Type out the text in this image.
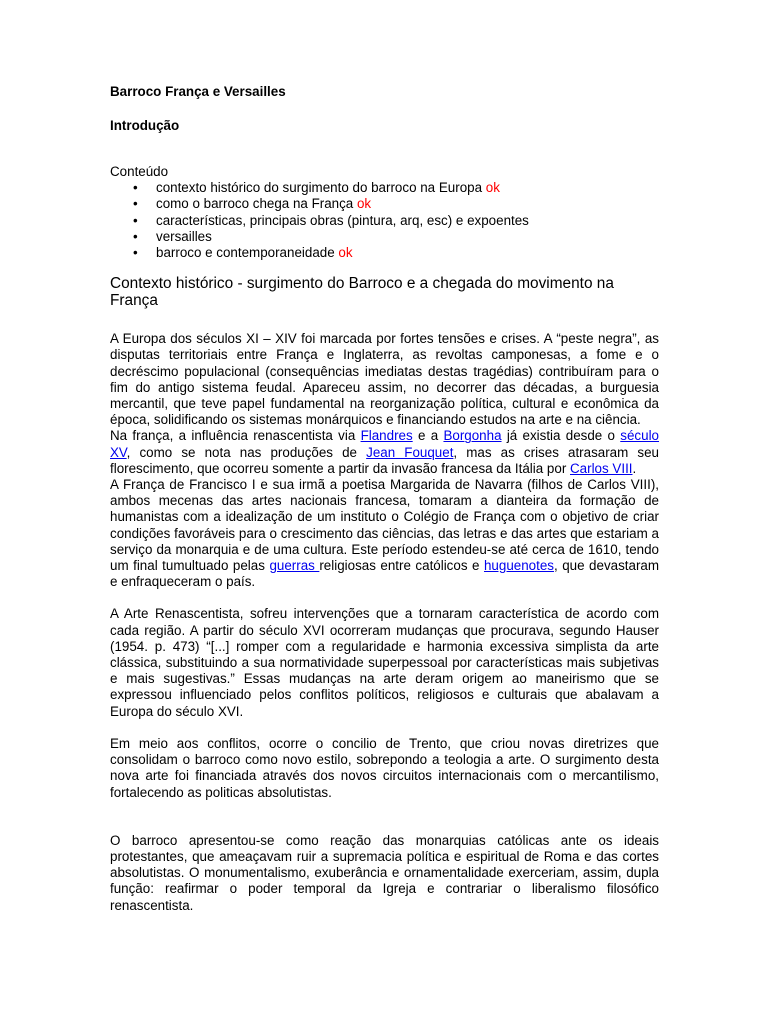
Barroco França e Versailles
Introdução
Conteúdo
• contexto histórico do surgimento do barroco na Europa ok
• como o barroco chega na França ok
• características, principais obras (pintura, arq, esc) e expoentes
• versailles
• barroco e contemporaneidade ok
Contexto histórico - surgimento do Barroco e a chegada do movimento na França

A Europa dos séculos XI – XIV foi marcada por fortes tensões e crises. A “peste negra”, as disputas territoriais entre França e Inglaterra, as revoltas camponesas, a fome e o decréscimo populacional (consequências imediatas destas tragédias) contribuíram para o fim do antigo sistema feudal. Apareceu assim, no decorrer das décadas, a burguesia mercantil, que teve papel fundamental na reorganização política, cultural e econômica da época, solidificando os sistemas monárquicos e financiando estudos na arte e na ciência.

Na frança, a influência renascentista via Flandres e a Borgonha já existia desde o século XV, como se nota nas produções de Jean Fouquet, mas as crises atrasaram seu florescimento, que ocorreu somente a partir da invasão francesa da Itália por Carlos VIII.

A França de Francisco I e sua irmã a poetisa Margarida de Navarra (filhos de Carlos VIII), ambos mecenas das artes nacionais francesa, tomaram a dianteira da formação de humanistas com a idealização de um instituto o Colégio de França com o objetivo de criar condições favoráveis para o crescimento das ciências, das letras e das artes que estariam a serviço da monarquia e de uma cultura. Este período estendeu-se até cerca de 1610, tendo um final tumultuado pelas guerras religiosas entre católicos e huguenotes, que devastaram e enfraqueceram o país.

A Arte Renascentista, sofreu intervenções que a tornaram característica de acordo com cada região. A partir do século XVI ocorreram mudanças que procurava, segundo Hauser (1954. p. 473) “[...] romper com a regularidade e harmonia excessiva simplista da arte clássica, substituindo a sua normatividade superpessoal por características mais subjetivas e mais sugestivas.” Essas mudanças na arte deram origem ao maneirismo que se expressou influenciado pelos conflitos políticos, religiosos e culturais que abalavam a Europa do século XVI.

Em meio aos conflitos, ocorre o concilio de Trento, que criou novas diretrizes que consolidam o barroco como novo estilo, sobrepondo a teologia a arte. O surgimento desta nova arte foi financiada através dos novos circuitos internacionais com o mercantilismo, fortalecendo as politicas absolutistas.

O barroco apresentou-se como reação das monarquias católicas ante os ideais protestantes, que ameaçavam ruir a supremacia política e espiritual de Roma e das cortes absolutistas. O monumentalismo, exuberância e ornamentalidade exerceriam, assim, dupla função: reafirmar o poder temporal da Igreja e contrariar o liberalismo filosófico renascentista.
